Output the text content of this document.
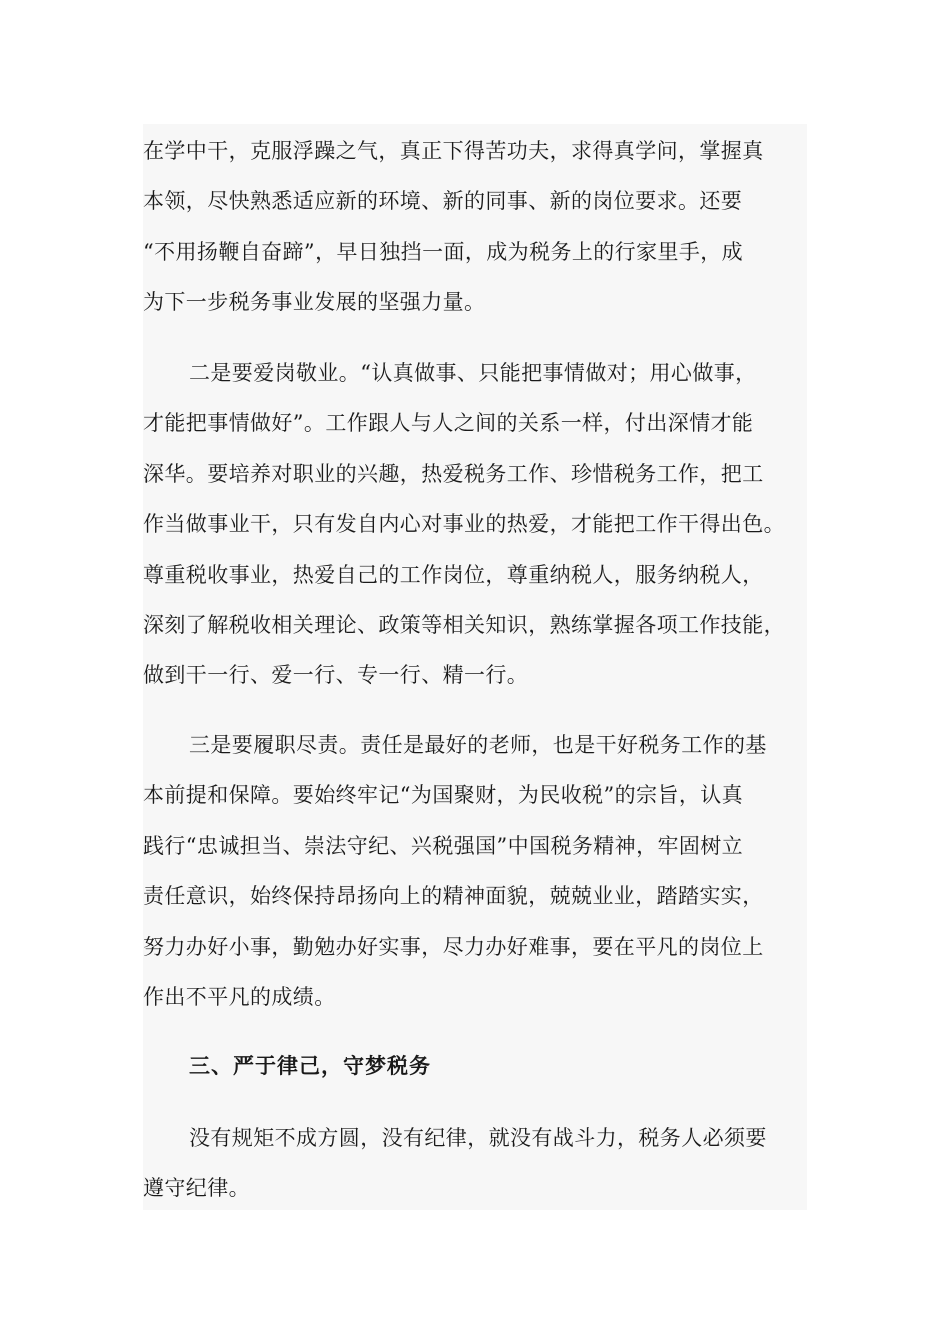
在学中干，克服浮躁之气，真正下得苦功夫，求得真学问，掌握真
本领，尽快熟悉适应新的环境、新的同事、新的岗位要求。还要
“不用扬鞭自奋蹄”，早日独挡一面，成为税务上的行家里手，成
为下一步税务事业发展的坚强力量。
二是要爱岗敬业。“认真做事、只能把事情做对；用心做事，
才能把事情做好”。工作跟人与人之间的关系一样，付出深情才能
深华。要培养对职业的兴趣，热爱税务工作、珍惜税务工作，把工
作当做事业干，只有发自内心对事业的热爱，才能把工作干得出色。
尊重税收事业，热爱自己的工作岗位，尊重纳税人，服务纳税人，
深刻了解税收相关理论、政策等相关知识，熟练掌握各项工作技能，
做到干一行、爱一行、专一行、精一行。
三是要履职尽责。责任是最好的老师，也是干好税务工作的基
本前提和保障。要始终牢记“为国聚财，为民收税”的宗旨，认真
践行“忠诚担当、崇法守纪、兴税强国”中国税务精神，牢固树立
责任意识，始终保持昂扬向上的精神面貌，兢兢业业，踏踏实实，
努力办好小事，勤勉办好实事，尽力办好难事，要在平凡的岗位上
作出不平凡的成绩。
三、严于律己，守梦税务
没有规矩不成方圆，没有纪律，就没有战斗力，税务人必须要
遵守纪律。
